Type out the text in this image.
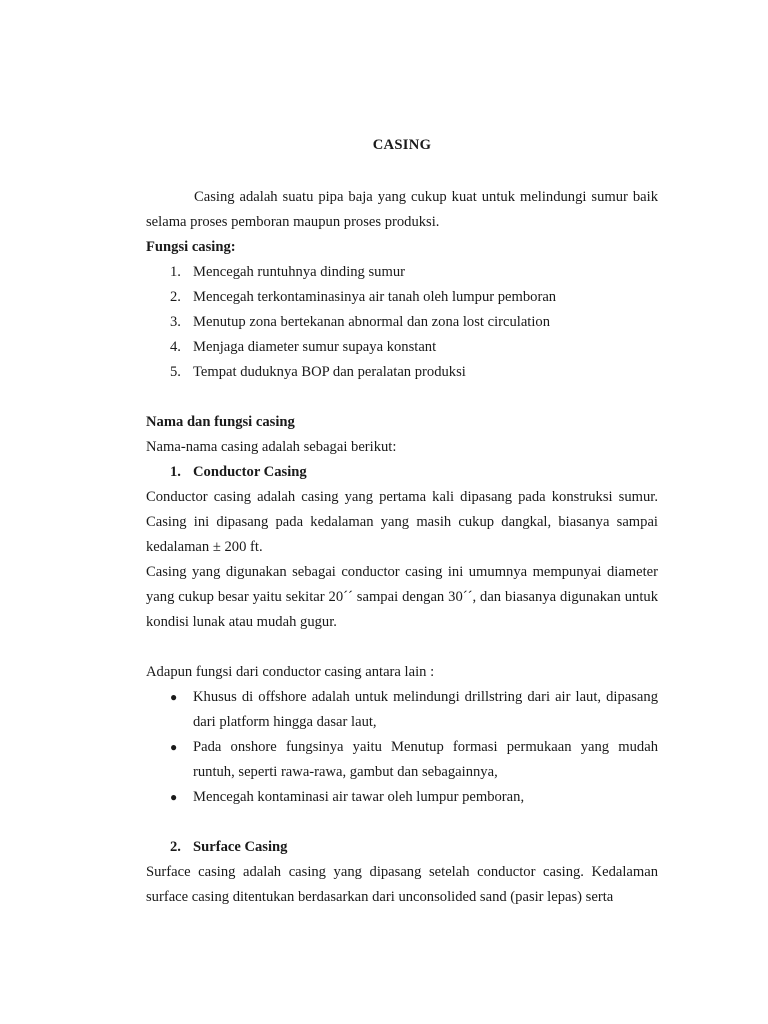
CASING

Casing adalah suatu pipa baja yang cukup kuat untuk melindungi sumur baik selama proses pemboran maupun proses produksi.

Fungsi casing:

1. Mencegah runtuhnya dinding sumur
2. Mencegah terkontaminasinya air tanah oleh lumpur pemboran
3. Menutup zona bertekanan abnormal dan zona lost circulation
4. Menjaga diameter sumur supaya konstant
5. Tempat duduknya BOP dan peralatan produksi

Nama dan fungsi casing

Nama-nama casing adalah sebagai berikut:

1. Conductor Casing

Conductor casing adalah casing yang pertama kali dipasang pada konstruksi sumur. Casing ini dipasang pada kedalaman yang masih cukup dangkal, biasanya sampai kedalaman ± 200 ft.

Casing yang digunakan sebagai conductor casing ini umumnya mempunyai diameter yang cukup besar yaitu sekitar 20´´ sampai dengan 30´´, dan biasanya digunakan untuk kondisi lunak atau mudah gugur.

Adapun fungsi dari conductor casing antara lain :

● Khusus di offshore adalah untuk melindungi drillstring dari air laut, dipasang dari platform hingga dasar laut,
● Pada onshore fungsinya yaitu Menutup formasi permukaan yang mudah runtuh, seperti rawa-rawa, gambut dan sebagainnya,
● Mencegah kontaminasi air tawar oleh lumpur pemboran,

2. Surface Casing

Surface casing adalah casing yang dipasang setelah conductor casing. Kedalaman surface casing ditentukan berdasarkan dari unconsolided sand (pasir lepas) serta
